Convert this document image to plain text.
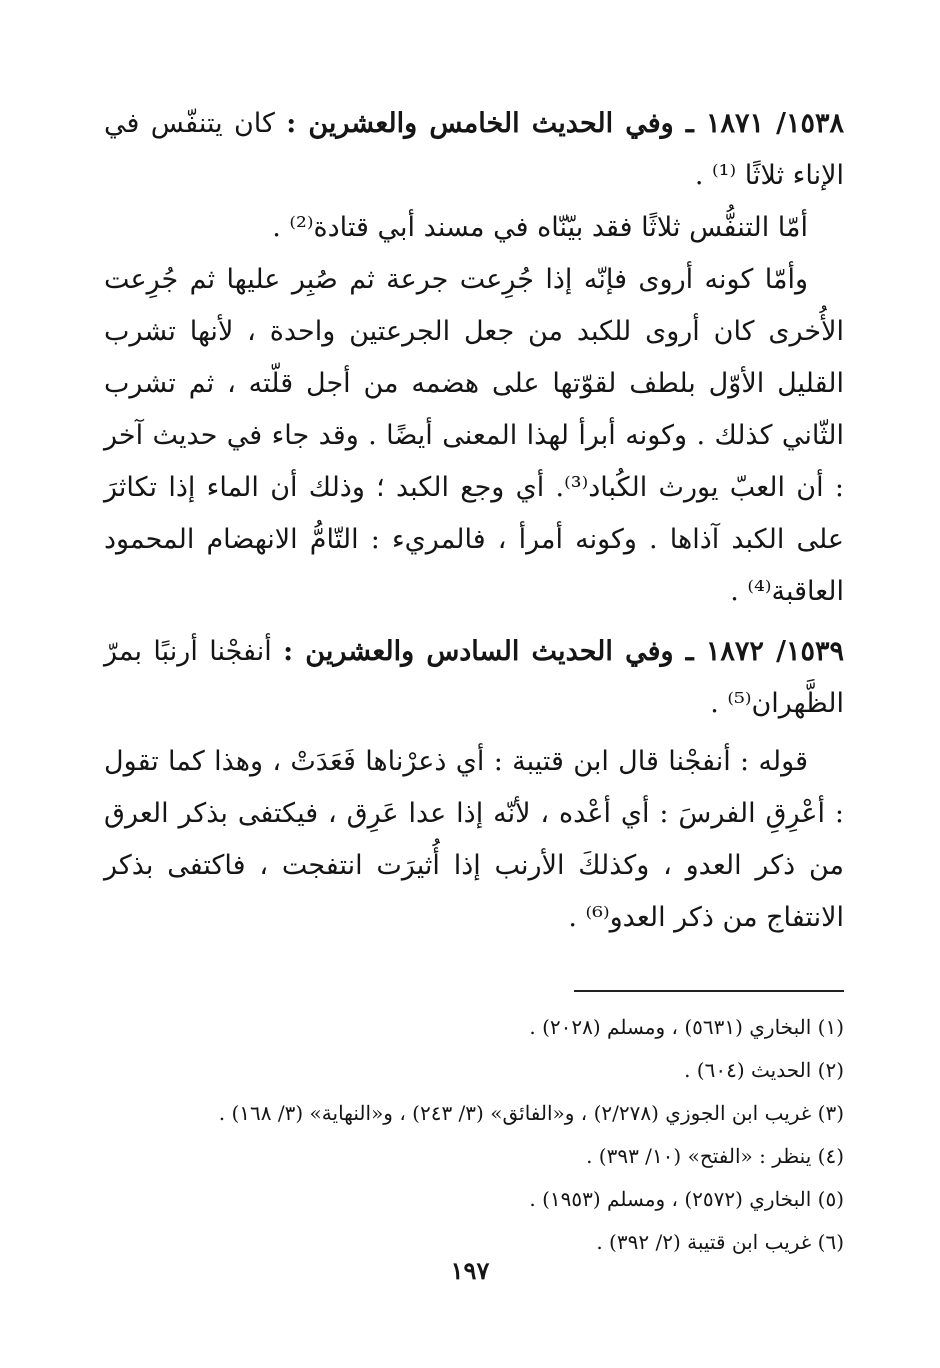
١٥٣٨/ ١٨٧١ ـ وفي الحديث الخامس والعشرين : كان يتنفّس في الإناء ثلاثًا ⁽¹⁾ .

أمّا التنفُّس ثلاثًا فقد بيّنّاه في مسند أبي قتادة⁽²⁾ .

وأمّا كونه أروى فإنّه إذا جُرِعت جرعة ثم صُبِر عليها ثم جُرِعت الأُخرى كان أروى للكبد من جعل الجرعتين واحدة ، لأنها تشرب القليل الأوّل بلطف لقوّتها على هضمه من أجل قلّته ، ثم تشرب الثّاني كذلك . وكونه أبرأ لهذا المعنى أيضًا . وقد جاء في حديث آخر : أن العبّ يورث الكُباد⁽³⁾. أي وجع الكبد ؛ وذلك أن الماء إذا تكاثرَ على الكبد آذاها . وكونه أمرأ ، فالمريء : التّامُّ الانهضام المحمود العاقبة⁽⁴⁾ .

١٥٣٩/ ١٨٧٢ ـ وفي الحديث السادس والعشرين : أنفجْنا أرنبًا بمرّ الظَّهران⁽⁵⁾ .

قوله : أنفجْنا قال ابن قتيبة : أي ذعرْناها فَعَدَتْ ، وهذا كما تقول : أعْرِقِ الفرسَ : أي أعْده ، لأنّه إذا عدا عَرِق ، فيكتفى بذكر العرق من ذكر العدو ، وكذلكَ الأرنب إذا أُثيرَت انتفجت ، فاكتفى بذكر الانتفاج من ذكر العدو⁽⁶⁾ .

(١) البخاري (٥٦٣١) ، ومسلم (٢٠٢٨) .
(٢) الحديث (٦٠٤) .
(٣) غريب ابن الجوزي (٢/٢٧٨) ، و«الفائق» (٣/ ٢٤٣) ، و«النهاية» (٣/ ١٦٨) .
(٤) ينظر : «الفتح» (١٠/ ٣٩٣) .
(٥) البخاري (٢٥٧٢) ، ومسلم (١٩٥٣) .
(٦) غريب ابن قتيبة (٢/ ٣٩٢) .
١٩٧
